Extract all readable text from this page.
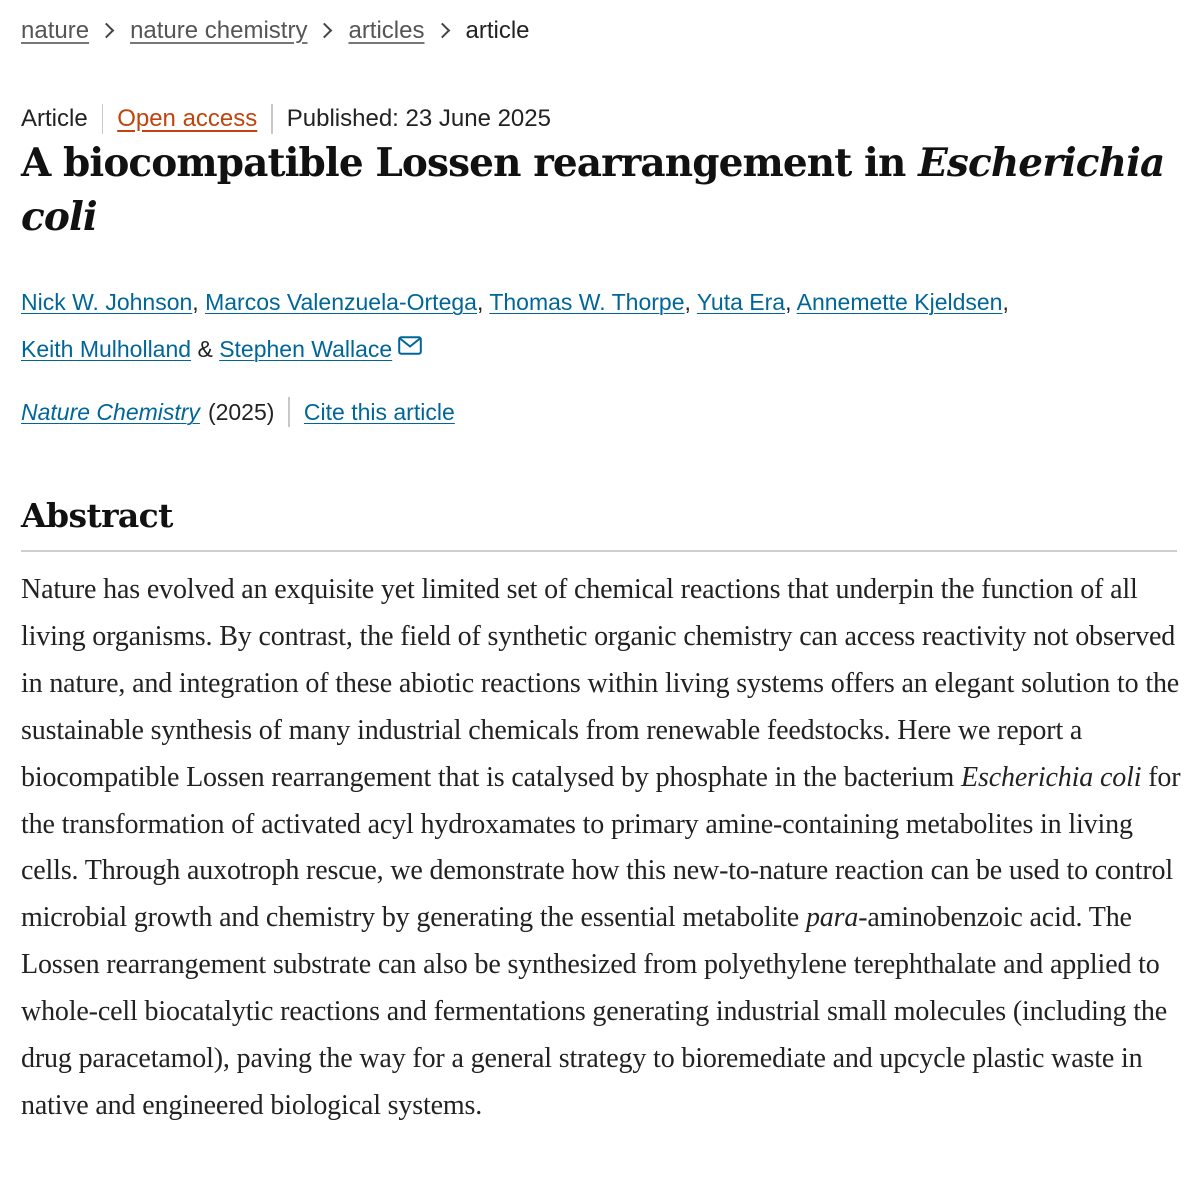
nature nature chemistry articles article
Article Open access Published: 23 June 2025
A biocompatible Lossen rearrangement in Escherichia coli
Nick W. Johnson, Marcos Valenzuela-Ortega, Thomas W. Thorpe, Yuta Era, Annemette Kjeldsen,
Keith Mulholland & Stephen Wallace
Nature Chemistry (2025) Cite this article
Abstract

Nature has evolved an exquisite yet limited set of chemical reactions that underpin the function of all living organisms. By contrast, the field of synthetic organic chemistry can access reactivity not observed in nature, and integration of these abiotic reactions within living systems offers an elegant solution to the sustainable synthesis of many industrial chemicals from renewable feedstocks. Here we report a biocompatible Lossen rearrangement that is catalysed by phosphate in the bacterium Escherichia coli for the transformation of activated acyl hydroxamates to primary amine-containing metabolites in living cells. Through auxotroph rescue, we demonstrate how this new-to-nature reaction can be used to control microbial growth and chemistry by generating the essential metabolite para-aminobenzoic acid. The Lossen rearrangement substrate can also be synthesized from polyethylene terephthalate and applied to whole-cell biocatalytic reactions and fermentations generating industrial small molecules (including the drug paracetamol), paving the way for a general strategy to bioremediate and upcycle plastic waste in native and engineered biological systems.
